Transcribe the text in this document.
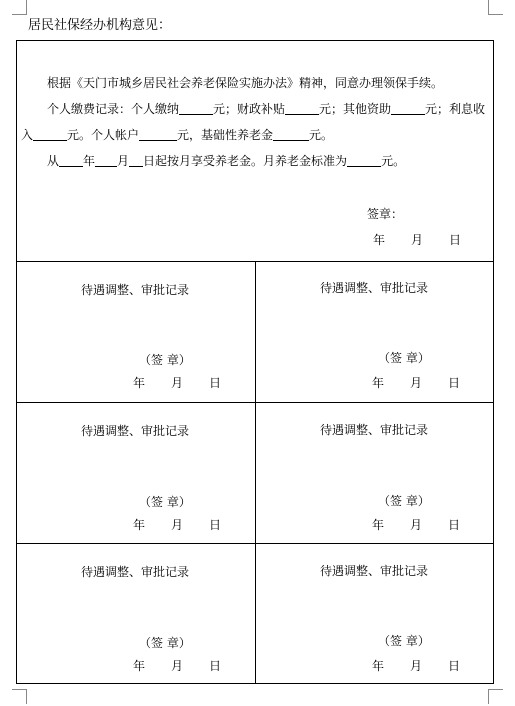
居民社保经办机构意见：
根据《天门市城乡居民社会养老保险实施办法》精神，同意办理领保手续。
个人缴费记录：个人缴纳	元；财政补贴	元；其他资助	元；利息收
入	元。个人帐户	元，基础性养老金	元。
从 年 月 日起按月享受养老金。月养老金标准为	元。
签章：
年 月 日
待遇调整、审批记录
（签 章）
年 月 日
待遇调整、审批记录
（签 章）
年 月 日
待遇调整、审批记录
（签 章）
年 月 日
待遇调整、审批记录
（签 章）
年 月 日
待遇调整、审批记录
（签 章）
年 月 日
待遇调整、审批记录
（签 章）
年 月 日
